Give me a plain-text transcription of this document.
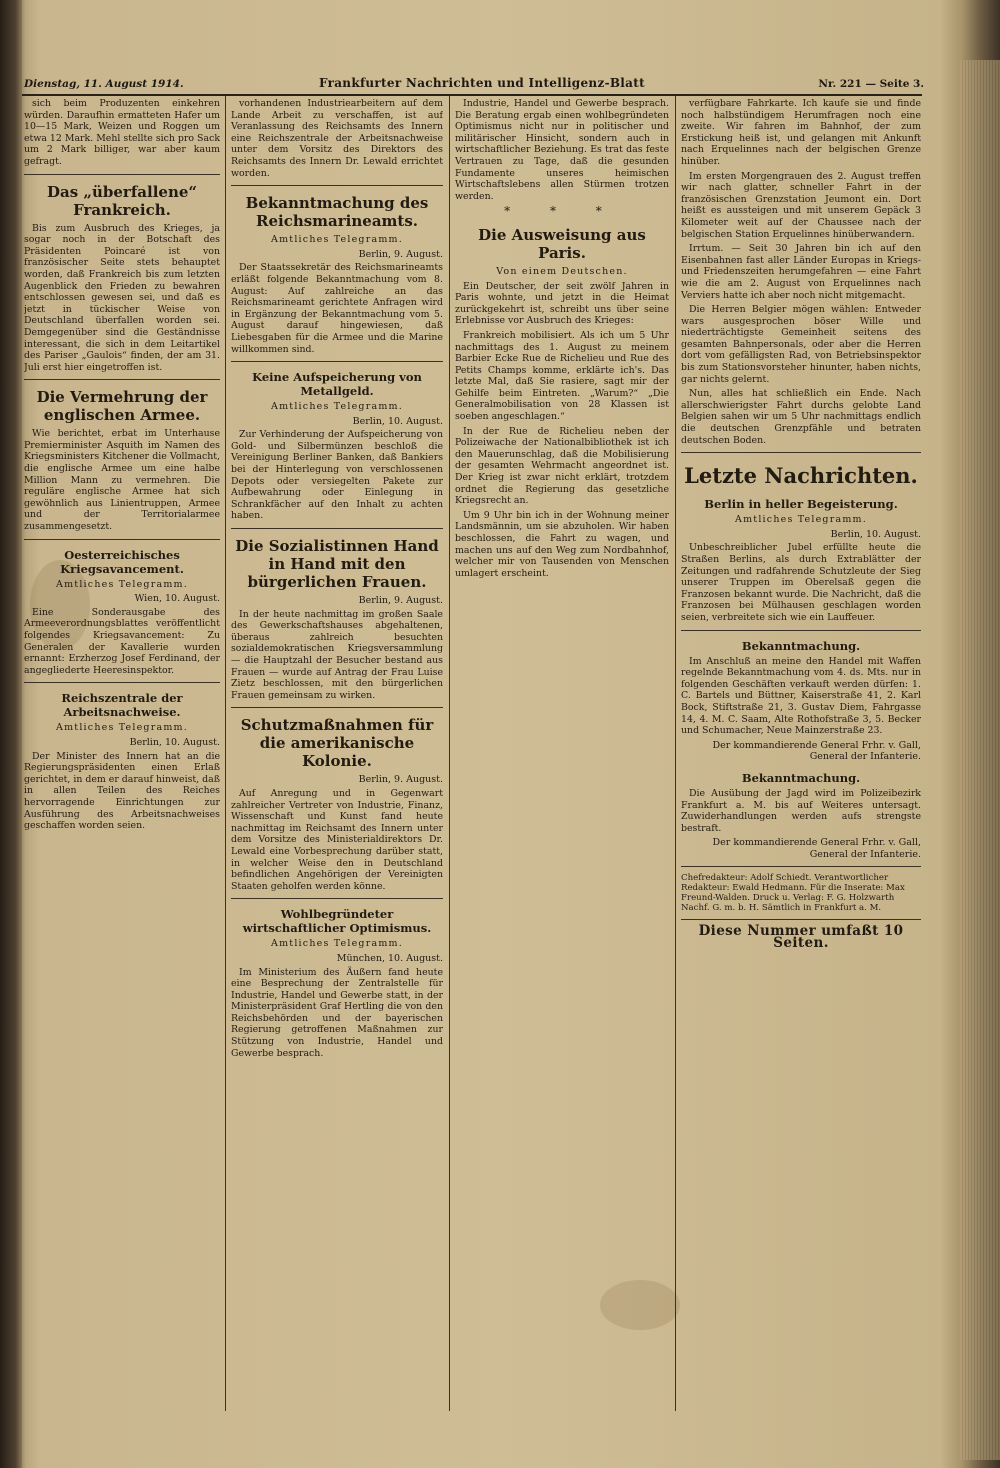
Dienstag, 11. August 1914.	Frankfurter Nachrichten und Intelligenz-Blatt	Nr. 221 — Seite 3.

sich beim Produzenten einkehren würden. Daraufhin ermatteten Hafer um 10—15 Mark, Weizen und Roggen um etwa 12 Mark. Mehl stellte sich pro Sack um 2 Mark billiger, war aber kaum gefragt.

Das „überfallene“ Frankreich.

Bis zum Ausbruch des Krieges, ja sogar noch in der Botschaft des Präsidenten Poincaré ist von französischer Seite stets behauptet worden, daß Frankreich bis zum letzten Augenblick den Frieden zu bewahren entschlossen gewesen sei, und daß es jetzt in tückischer Weise von Deutschland überfallen worden sei. Demgegenüber sind die Geständnisse interessant, die sich in dem Leitartikel des Pariser „Gaulois“ finden, der am 31. Juli erst hier eingetroffen ist.

Die Vermehrung der englischen Armee.

Wie berichtet, erbat im Unterhause Premierminister Asquith im Namen des Kriegsministers Kitchener die Vollmacht, die englische Armee um eine halbe Million Mann zu vermehren. Die reguläre englische Armee hat sich gewöhnlich aus Linientruppen, Armee und der Territorialarmee zusammengesetzt.

Oesterreichisches Kriegsavancement.
Amtliches Telegramm.
Wien, 10. August.

Eine Sonderausgabe des Armeeverordnungsblattes veröffentlicht folgendes Kriegsavancement: Zu Generalen der Kavallerie wurden ernannt: Erzherzog Josef Ferdinand, der angegliederte Heeresinspektor.

Reichszentrale der Arbeitsnachweise.
Amtliches Telegramm.
Berlin, 10. August.

Der Minister des Innern hat an die Regierungspräsidenten einen Erlaß gerichtet, in dem er darauf hinweist, daß in allen Teilen des Reiches hervorragende Einrichtungen zur Ausführung des Arbeitsnachweises geschaffen worden seien.

vorhandenen Industriearbeitern auf dem Lande Arbeit zu verschaffen, ist auf Veranlassung des Reichsamts des Innern eine Reichszentrale der Arbeitsnachweise unter dem Vorsitz des Direktors des Reichsamts des Innern Dr. Lewald errichtet worden.

Bekanntmachung des Reichsmarineamts.
Amtliches Telegramm.
Berlin, 9. August.

Der Staatssekretär des Reichsmarineamts erläßt folgende Bekanntmachung vom 8. August: Auf zahlreiche an das Reichsmarineamt gerichtete Anfragen wird in Ergänzung der Bekanntmachung vom 5. August darauf hingewiesen, daß Liebesgaben für die Armee und die Marine willkommen sind.

Keine Aufspeicherung von Metallgeld.
Amtliches Telegramm.
Berlin, 10. August.

Zur Verhinderung der Aufspeicherung von Gold- und Silbermünzen beschloß die Vereinigung Berliner Banken, daß Bankiers bei der Hinterlegung von verschlossenen Depots oder versiegelten Pakete zur Aufbewahrung oder Einlegung in Schrankfächer auf den Inhalt zu achten haben.

Die Sozialistinnen Hand in Hand mit den bürgerlichen Frauen.
Berlin, 9. August.

In der heute nachmittag im großen Saale des Gewerkschaftshauses abgehaltenen, überaus zahlreich besuchten sozialdemokratischen Kriegsversammlung — die Hauptzahl der Besucher bestand aus Frauen — wurde auf Antrag der Frau Luise Zietz beschlossen, mit den bürgerlichen Frauen gemeinsam zu wirken.

Schutzmaßnahmen für die amerikanische Kolonie.
Berlin, 9. August.

Auf Anregung und in Gegenwart zahlreicher Vertreter von Industrie, Finanz, Wissenschaft und Kunst fand heute nachmittag im Reichsamt des Innern unter dem Vorsitze des Ministerialdirektors Dr. Lewald eine Vorbesprechung darüber statt, in welcher Weise den in Deutschland befindlichen Angehörigen der Vereinigten Staaten geholfen werden könne.

Wohlbegründeter wirtschaftlicher Optimismus.
Amtliches Telegramm.
München, 10. August.

Im Ministerium des Äußern fand heute eine Besprechung der Zentralstelle für Industrie, Handel und Gewerbe statt, in der Ministerpräsident Graf Hertling die von den Reichsbehörden und der bayerischen Regierung getroffenen Maßnahmen zur Stützung von Industrie, Handel und Gewerbe besprach.

Industrie, Handel und Gewerbe besprach. Die Beratung ergab einen wohlbegründeten Optimismus nicht nur in politischer und militärischer Hinsicht, sondern auch in wirtschaftlicher Beziehung. Es trat das feste Vertrauen zu Tage, daß die gesunden Fundamente unseres heimischen Wirtschaftslebens allen Stürmen trotzen werden.

* * *
Die Ausweisung aus Paris.
Von einem Deutschen.

Ein Deutscher, der seit zwölf Jahren in Paris wohnte, und jetzt in die Heimat zurückgekehrt ist, schreibt uns über seine Erlebnisse vor Ausbruch des Krieges:

Frankreich mobilisiert. Als ich um 5 Uhr nachmittags des 1. August zu meinem Barbier Ecke Rue de Richelieu und Rue des Petits Champs komme, erklärte ich's. Das letzte Mal, daß Sie rasiere, sagt mir der Gehilfe beim Eintreten. „Warum?“ „Die Generalmobilisation von 28 Klassen ist soeben angeschlagen.“

In der Rue de Richelieu neben der Polizeiwache der Nationalbibliothek ist ich den Mauerunschlag, daß die Mobilisierung der gesamten Wehrmacht angeordnet ist. Der Krieg ist zwar nicht erklärt, trotzdem ordnet die Regierung das gesetzliche Kriegsrecht an.

Um 9 Uhr bin ich in der Wohnung meiner Landsmännin, um sie abzuholen. Wir haben beschlossen, die Fahrt zu wagen, und machen uns auf den Weg zum Nordbahnhof, welcher mir von Tausenden von Menschen umlagert erscheint.

verfügbare Fahrkarte. Ich kaufe sie und finde noch halbstündigem Herumfragen noch eine zweite. Wir fahren im Bahnhof, der zum Erstickung heiß ist, und gelangen mit Ankunft nach Erquelinnes nach der belgischen Grenze hinüber.

Im ersten Morgengrauen des 2. August treffen wir nach glatter, schneller Fahrt in der französischen Grenzstation Jeumont ein. Dort heißt es aussteigen und mit unserem Gepäck 3 Kilometer weit auf der Chaussee nach der belgischen Station Erquelinnes hinüberwandern.

Irrtum. — Seit 30 Jahren bin ich auf den Eisenbahnen fast aller Länder Europas in Kriegs- und Friedenszeiten herumgefahren — eine Fahrt wie die am 2. August von Erquelinnes nach Verviers hatte ich aber noch nicht mitgemacht.

Die Herren Belgier mögen wählen: Entweder wars ausgesprochen böser Wille und niederträchtigste Gemeinheit seitens des gesamten Bahnpersonals, oder aber die Herren dort vom gefälligsten Rad, von Betriebsinspektor bis zum Stationsvorsteher hinunter, haben nichts, gar nichts gelernt.

Nun, alles hat schließlich ein Ende. Nach allerschwierigster Fahrt durchs gelobte Land Belgien sahen wir um 5 Uhr nachmittags endlich die deutschen Grenzpfähle und betraten deutschen Boden.

Letzte Nachrichten.
Berlin in heller Begeisterung.
Amtliches Telegramm.
Berlin, 10. August.

Unbeschreiblicher Jubel erfüllte heute die Straßen Berlins, als durch Extrablätter der Zeitungen und radfahrende Schutzleute der Sieg unserer Truppen im Oberelsaß gegen die Franzosen bekannt wurde. Die Nachricht, daß die Franzosen bei Mülhausen geschlagen worden seien, verbreitete sich wie ein Lauffeuer.

Bekanntmachung.

Im Anschluß an meine den Handel mit Waffen regelnde Bekanntmachung vom 4. ds. Mts. nur in folgenden Geschäften verkauft werden dürfen: 1. C. Bartels und Büttner, Kaiserstraße 41, 2. Karl Bock, Stiftstraße 21, 3. Gustav Diem, Fahrgasse 14, 4. M. C. Saam, Alte Rothofstraße 3, 5. Becker und Schumacher, Neue Mainzerstraße 23.

Der kommandierende General Frhr. v. Gall, General der Infanterie.

Bekanntmachung.

Die Ausübung der Jagd wird im Polizeibezirk Frankfurt a. M. bis auf Weiteres untersagt. Zuwiderhandlungen werden aufs strengste bestraft.

Der kommandierende General Frhr. v. Gall, General der Infanterie.

Chefredakteur: Adolf Schiedt. Verantwortlicher Redakteur: Ewald Hedmann. Für die Inserate: Max Freund-Walden. Druck u. Verlag: F. G. Holzwarth Nachf. G. m. b. H. Sämtlich in Frankfurt a. M.

Diese Nummer umfaßt 10 Seiten.
